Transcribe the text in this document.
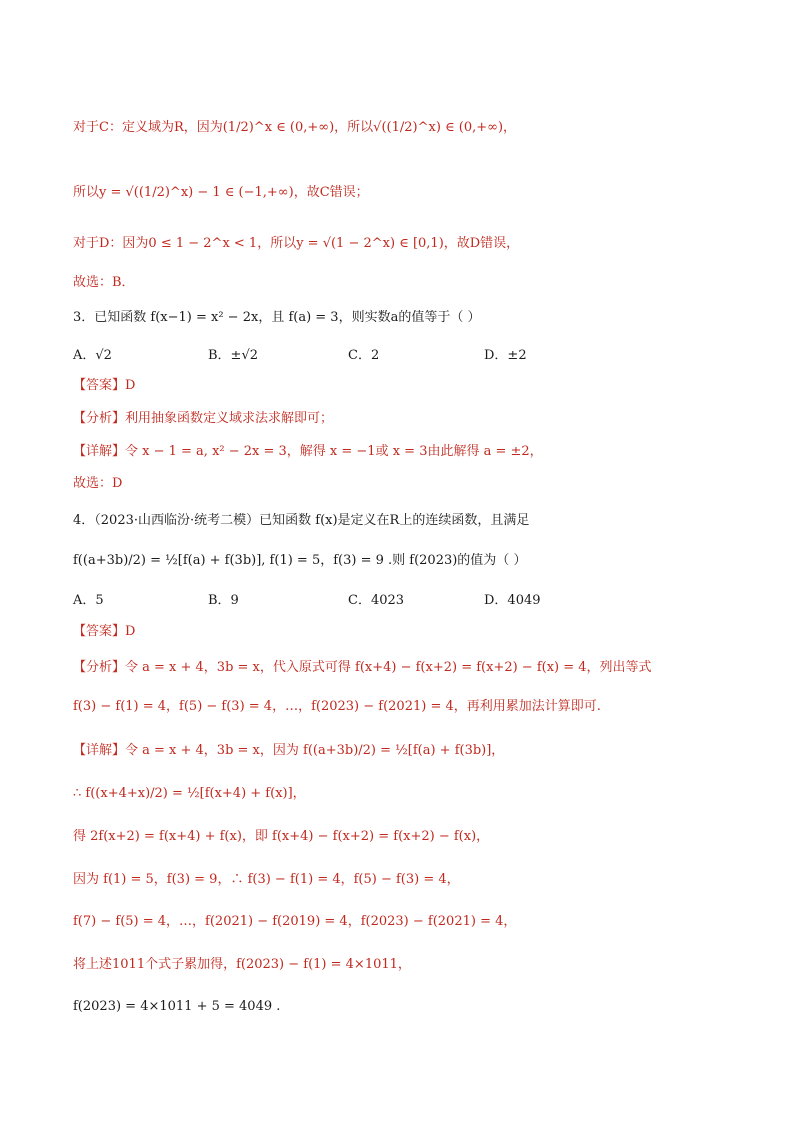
对于C：定义域为R，因为(1/2)^x ∈ (0,+∞)，所以√((1/2)^x) ∈ (0,+∞)，
所以y = √((1/2)^x) − 1 ∈ (−1,+∞)，故C错误；
对于D：因为0 ≤ 1 − 2^x < 1，所以y = √(1 − 2^x) ∈ [0,1)，故D错误，
故选：B．
3．已知函数 f(x−1) = x² − 2x，且 f(a) = 3，则实数a的值等于（ ）
A．√2	B．±√2	C．2	D．±2
【答案】D
【分析】利用抽象函数定义域求法求解即可；
【详解】令 x − 1 = a, x² − 2x = 3，解得 x = −1或 x = 3由此解得 a = ±2，
故选：D
4．（2023·山西临汾·统考二模）已知函数 f(x)是定义在R上的连续函数，且满足
f((a+3b)/2) = ½[f(a) + f(3b)], f(1) = 5，f(3) = 9 .则 f(2023)的值为（ ）
A．5	B．9	C．4023	D．4049
【答案】D
【分析】令 a = x + 4，3b = x，代入原式可得 f(x+4) − f(x+2) = f(x+2) − f(x) = 4，列出等式
f(3) − f(1) = 4，f(5) − f(3) = 4，…，f(2023) − f(2021) = 4，再利用累加法计算即可.
【详解】令 a = x + 4，3b = x，因为 f((a+3b)/2) = ½[f(a) + f(3b)]，
∴ f((x+4+x)/2) = ½[f(x+4) + f(x)]，
得 2f(x+2) = f(x+4) + f(x)，即 f(x+4) − f(x+2) = f(x+2) − f(x)，
因为 f(1) = 5，f(3) = 9，∴ f(3) − f(1) = 4，f(5) − f(3) = 4，
f(7) − f(5) = 4，…，f(2021) − f(2019) = 4，f(2023) − f(2021) = 4，
将上述1011个式子累加得，f(2023) − f(1) = 4×1011，
f(2023) = 4×1011 + 5 = 4049 .
